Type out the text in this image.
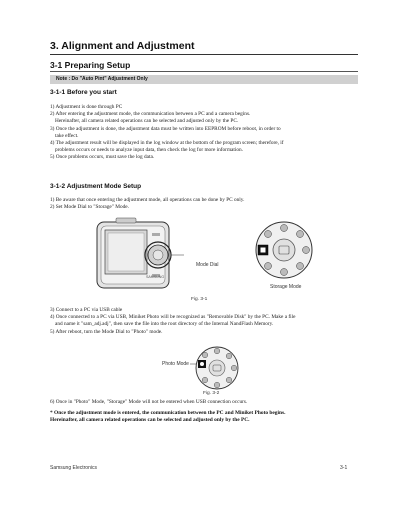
3. Alignment and Adjustment
3-1 Preparing Setup
Note : Do "Auto Pint" Adjustment Only
3-1-1 Before you start
1) Adjustment is done through PC
2) After entering the adjustment mode, the communication between a PC and a camera begins.
Hereinafter, all camera related operations can be selected and adjusted only by the PC.
3) Once the adjustment is done, the adjustment data must be written into EEPROM before reboot, in order to
take effect.
4) The adjustment result will be displayed in the log window at the bottom of the program screen; therefore, if
problems occurs or needs to analyze input data, then check the log for more information.
5) Once problems occurs, must save the log data.
3-1-2 Adjustment Mode Setup
1) Be aware that once entering the adjustment mode, all operations can be done by PC only.
2) Set Mode Dial to "Storage" Mode.
SAMSUNG
Mode Dial
Storage Mode
Fig. 3-1
3) Connect to a PC via USB cable
4) Once connected to a PC via USB, Miniket Photo will be recognized as "Removable Disk" by the PC. Make a file
and name it "sam_adj.adj", then save the file into the root directory of the Internal NandFlash Memory.
5) After reboot, turn the Mode Dial to "Photo" mode.
Photo Mode
Fig. 3-2
6) Once in "Photo" Mode, "Storage" Mode will not be entered when USB connection occurs.
* Once the adjustment mode is entered, the communication between the PC and Miniket Photo begins.
Hereinafter, all camera related operations can be selected and adjusted only by the PC.
Samsung Electronics	3-1
